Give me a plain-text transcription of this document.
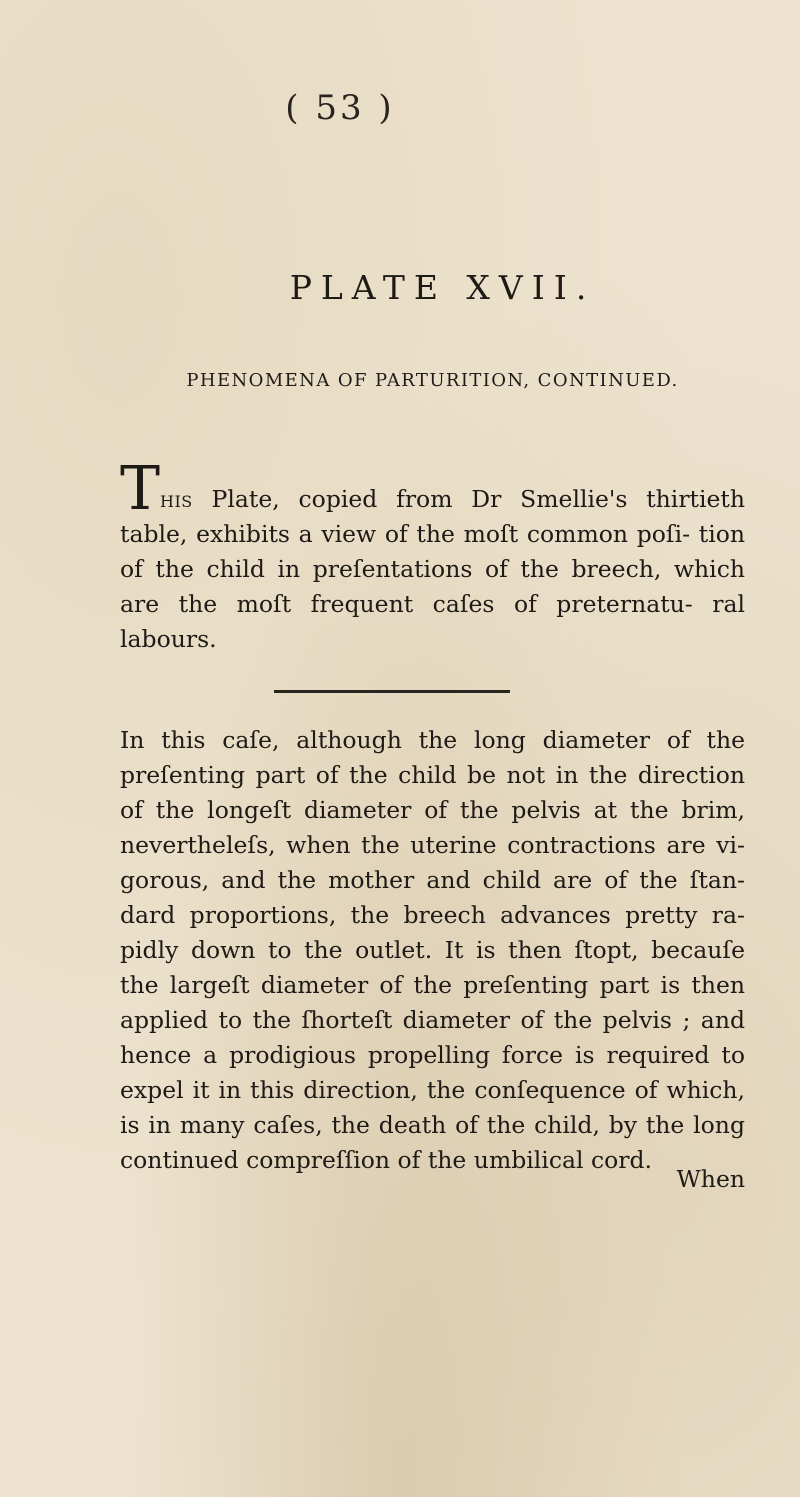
( 53 )
PLATE XVII.
PHENOMENA OF PARTURITION, CONTINUED.

This Plate, copied from Dr Smellie's thirtieth table, exhibits a view of the moſt common poſi- tion of the child in preſentations of the breech, which are the moſt frequent caſes of preternatu- ral labours.

In this caſe, although the long diameter of the preſenting part of the child be not in the direction of the longeſt diameter of the pelvis at the brim, nevertheleſs, when the uterine contractions are vi- gorous, and the mother and child are of the ſtan- dard proportions, the breech advances pretty ra- pidly down to the outlet. It is then ſtopt, becauſe the largeſt diameter of the preſenting part is then applied to the ſhorteſt diameter of the pelvis ; and hence a prodigious propelling force is required to expel it in this direction, the conſequence of which, is in many caſes, the death of the child, by the long continued compreſſion of the umbilical cord.

When
